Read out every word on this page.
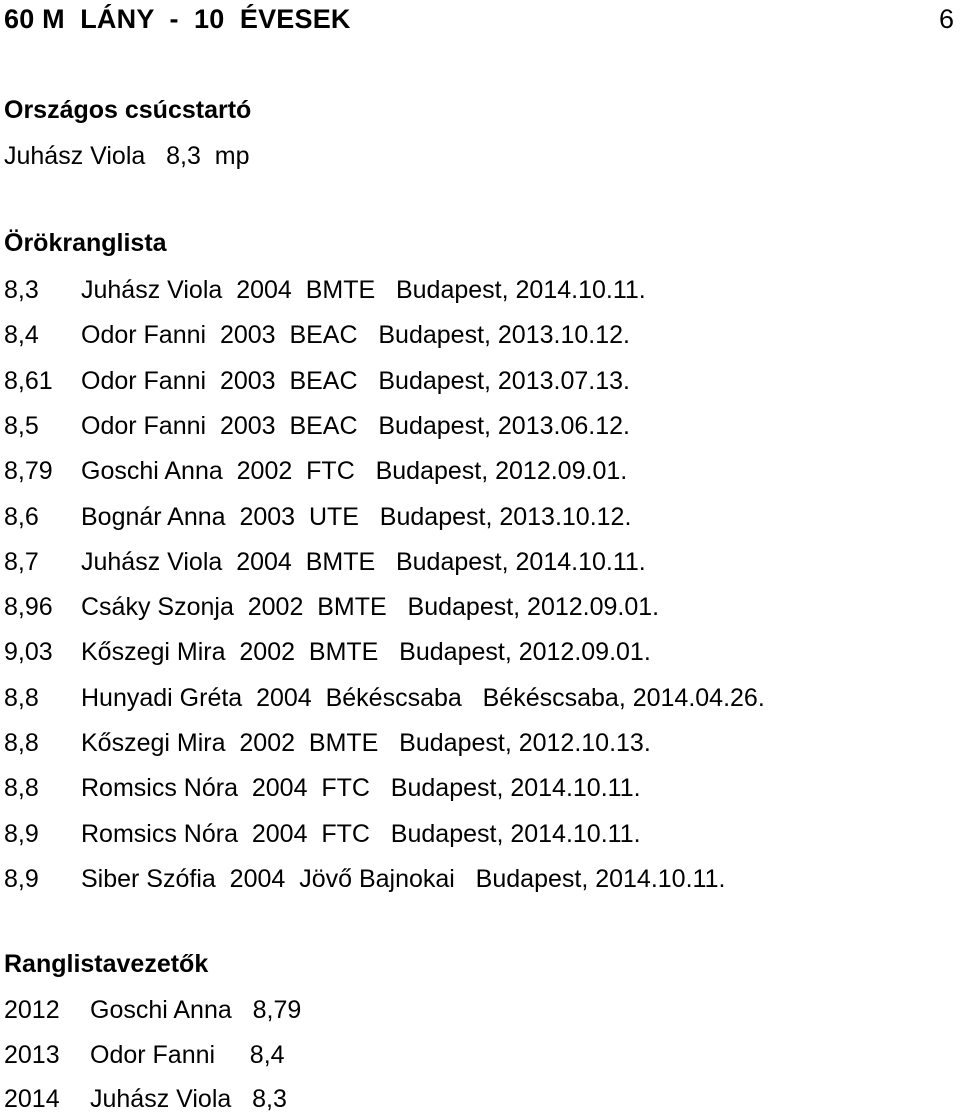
60 M  LÁNY  -  10  ÉVESEK	6
Országos csúcstartó
Juhász Viola   8,3  mp
Örökranglista
8,3 Juhász Viola  2004  BMTE   Budapest, 2014.10.11.
8,4 Odor Fanni  2003  BEAC   Budapest, 2013.10.12.
8,61 Odor Fanni  2003  BEAC   Budapest, 2013.07.13.
8,5 Odor Fanni  2003  BEAC   Budapest, 2013.06.12.
8,79 Goschi Anna  2002  FTC   Budapest, 2012.09.01.
8,6 Bognár Anna  2003  UTE   Budapest, 2013.10.12.
8,7 Juhász Viola  2004  BMTE   Budapest, 2014.10.11.
8,96 Csáky Szonja  2002  BMTE   Budapest, 2012.09.01.
9,03 Kőszegi Mira  2002  BMTE   Budapest, 2012.09.01.
8,8 Hunyadi Gréta  2004  Békéscsaba   Békéscsaba, 2014.04.26.
8,8 Kőszegi Mira  2002  BMTE   Budapest, 2012.10.13.
8,8 Romsics Nóra  2004  FTC   Budapest, 2014.10.11.
8,9 Romsics Nóra  2004  FTC   Budapest, 2014.10.11.
8,9 Siber Szófia  2004  Jövő Bajnokai   Budapest, 2014.10.11.
Ranglistavezetők
2012 Goschi Anna   8,79
2013 Odor Fanni     8,4
2014 Juhász Viola   8,3
